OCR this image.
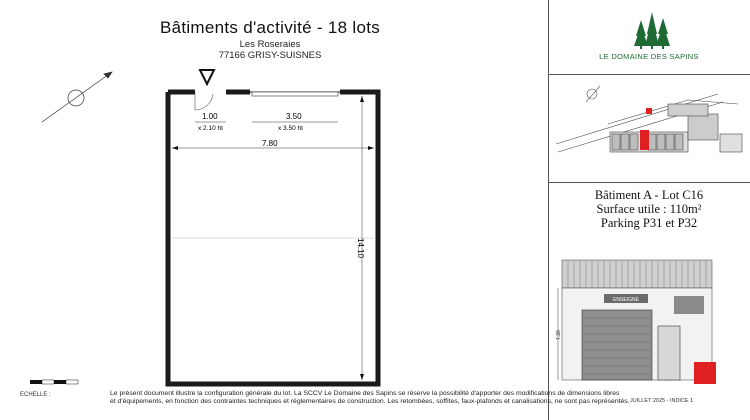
Bâtiments d'activité - 18 lots
Les Roseraies
77166 GRISY-SUISNES	LE DOMAINE DES SAPINS
Bâtiment A - Lot C16
Surface utile : 110m²
Parking P31 et P32
ENSEIGNE
7.30
1.00
x 2.10 ht
3.50
x 3.50 ht
7.80
14.10
ECHELLE :	Le présent document illustre la configuration générale du lot. La SCCV Le Domaine des Sapins se réserve la possibilité d'apporter des modifications de dimensions libres
et d'équipements, en fonction des contraintes techniques et réglementaires de construction. Les retombées, soffites, faux-plafonds et canalisations, ne sont pas représentés. JUILLET 2025 - INDICE 1
